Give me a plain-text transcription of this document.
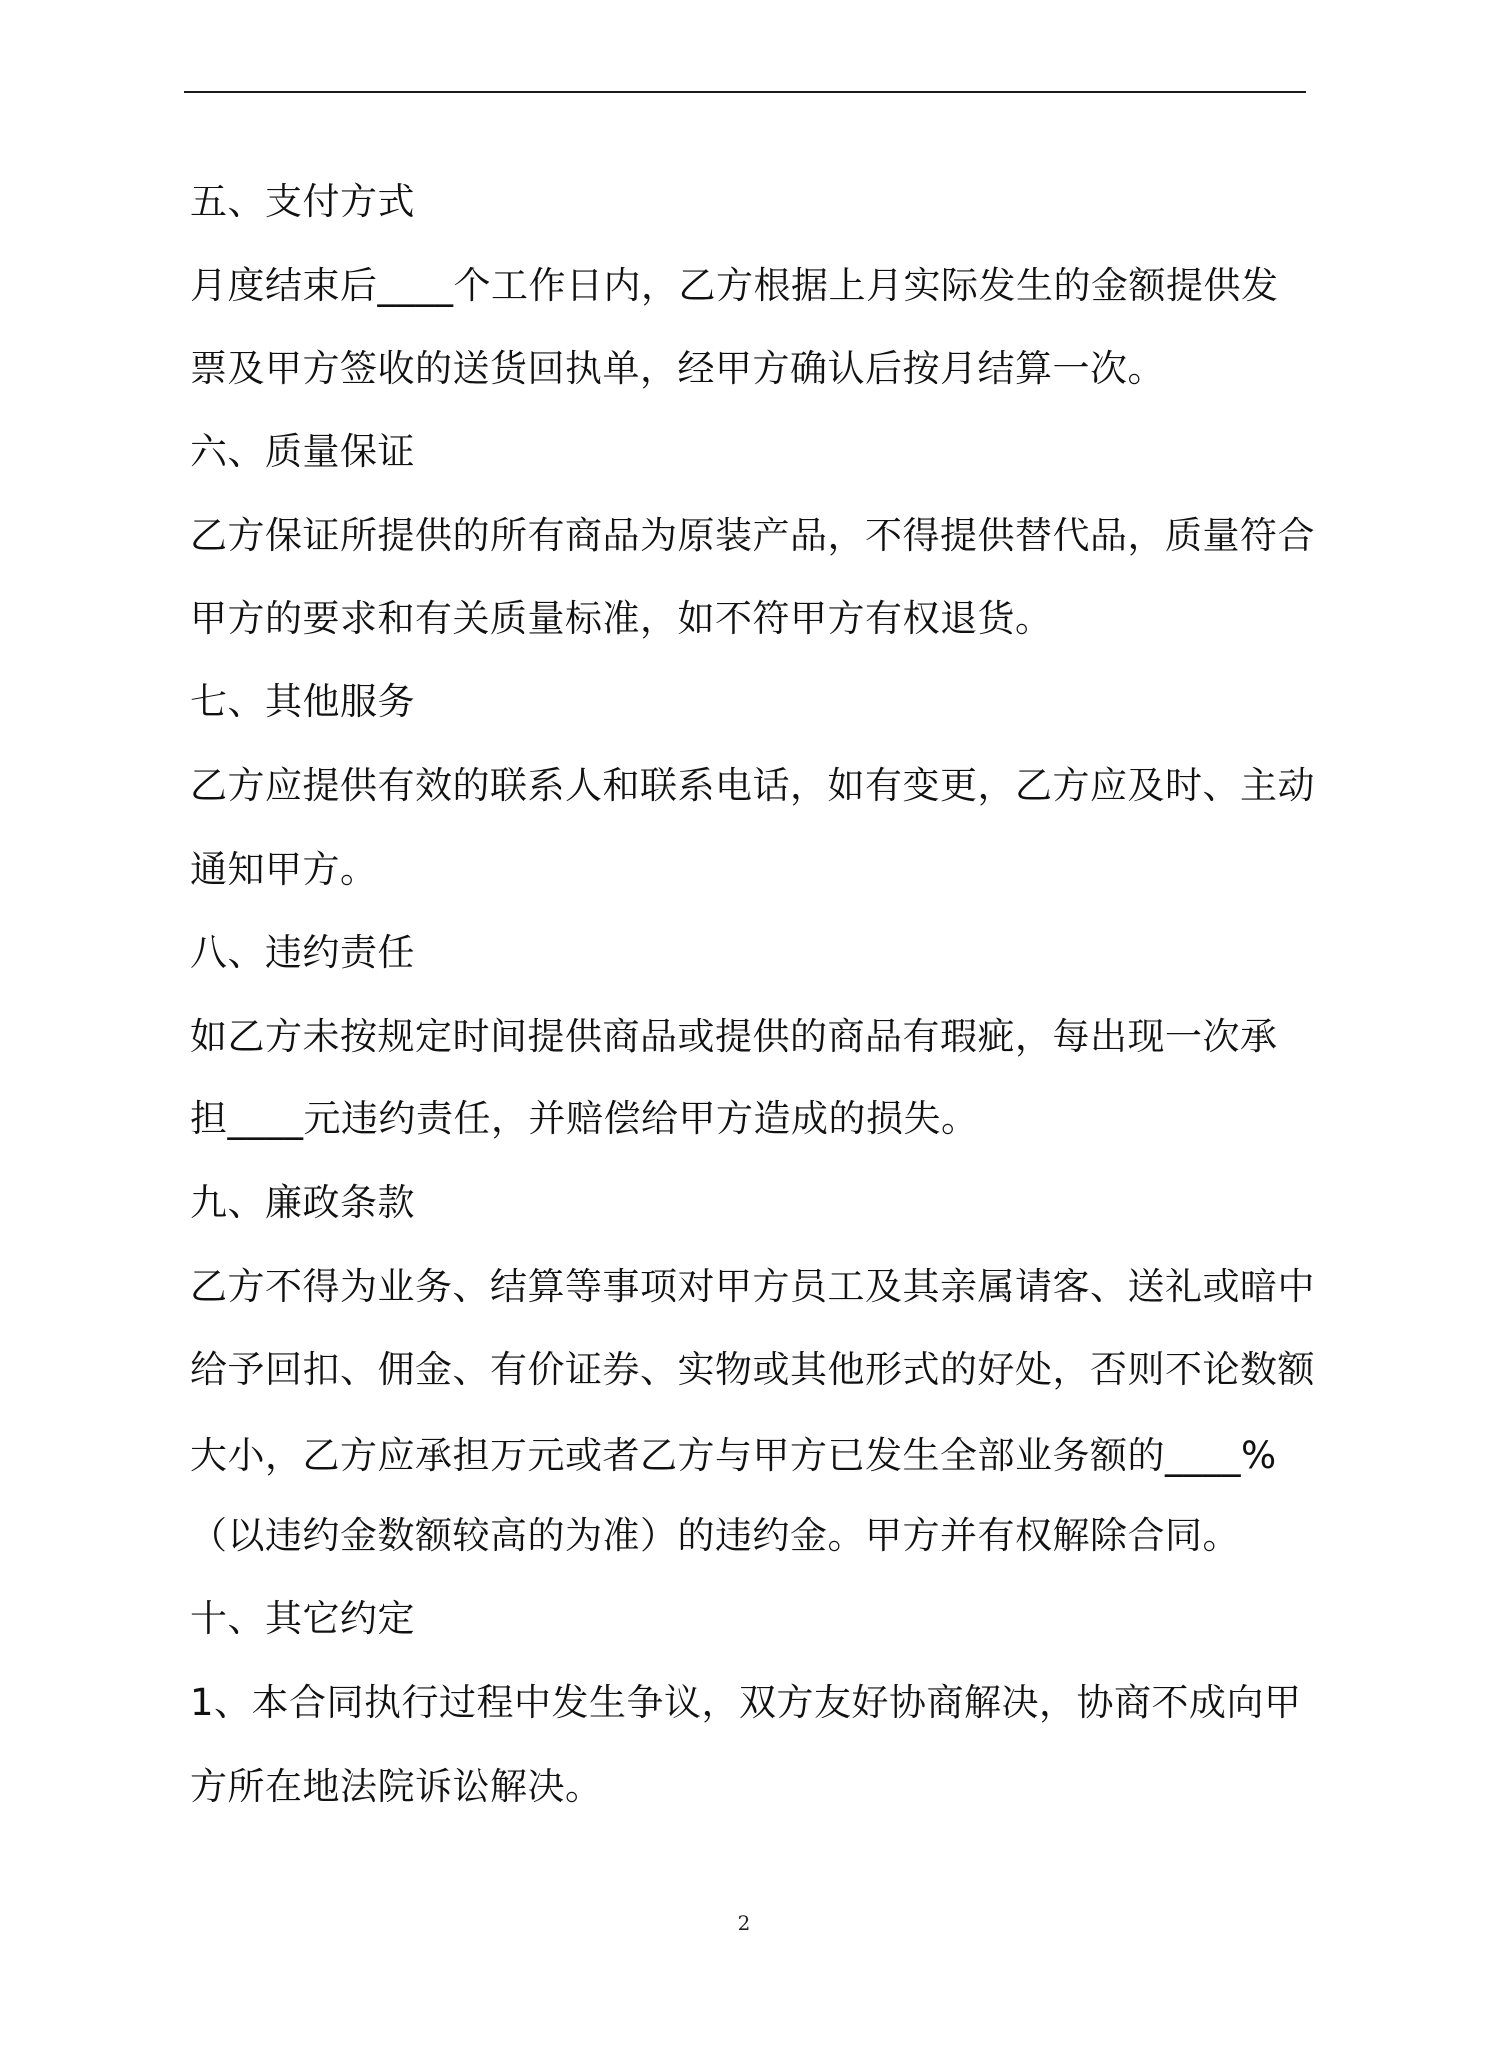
五、支付方式
月度结束后____个工作日内，乙方根据上月实际发生的金额提供发
票及甲方签收的送货回执单，经甲方确认后按月结算一次。
六、质量保证
乙方保证所提供的所有商品为原装产品，不得提供替代品，质量符合
甲方的要求和有关质量标准，如不符甲方有权退货。
七、其他服务
乙方应提供有效的联系人和联系电话，如有变更，乙方应及时、主动
通知甲方。
八、违约责任
如乙方未按规定时间提供商品或提供的商品有瑕疵，每出现一次承
担____元违约责任，并赔偿给甲方造成的损失。
九、廉政条款
乙方不得为业务、结算等事项对甲方员工及其亲属请客、送礼或暗中
给予回扣、佣金、有价证券、实物或其他形式的好处，否则不论数额
大小，乙方应承担万元或者乙方与甲方已发生全部业务额的____%
（以违约金数额较高的为准）的违约金。甲方并有权解除合同。
十、其它约定
1、本合同执行过程中发生争议，双方友好协商解决，协商不成向甲
方所在地法院诉讼解决。
2
